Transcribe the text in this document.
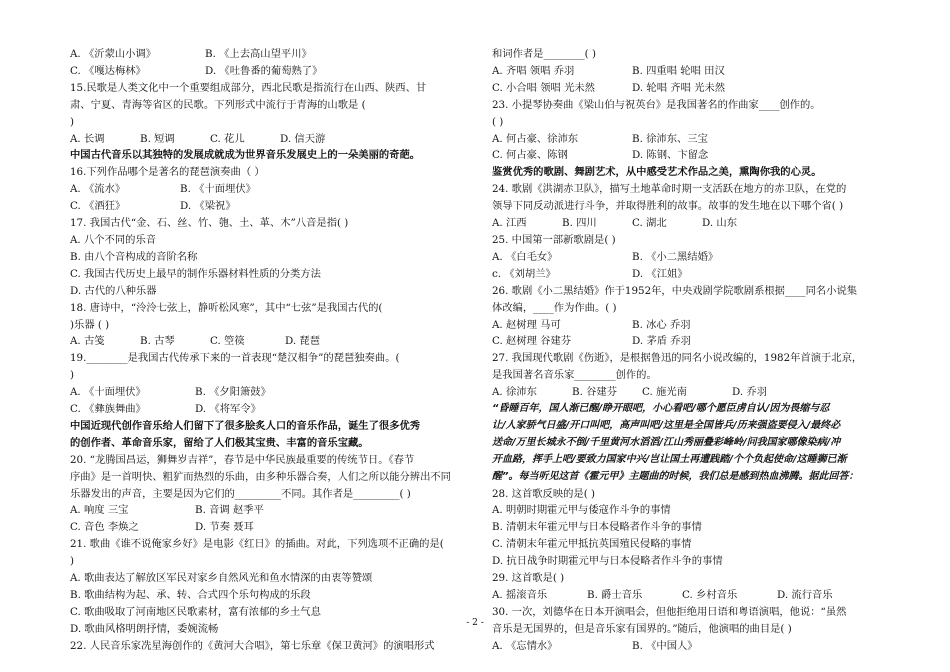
A. 《沂蒙山小调》	B. 《上去高山望平川》
C. 《嘎达梅林》	D. 《吐鲁番的葡萄熟了》
15.民歌是人类文化中一个重要组成部分，西北民歌是指流行在山西、陕西、甘
肃、宁夏、青海等省区的民歌。下列形式中流行于青海的山歌是 (
)
A. 长调	B. 短调	C. 花儿	D. 信天游
中国古代音乐以其独特的发展成就成为世界音乐发展史上的一朵美丽的奇葩。
16.下列作品哪个是著名的琵琶演奏曲（ ）
A. 《流水》	B. 《十面埋伏》
C. 《酒狂》	D. 《梁祝》
17. 我国古代“金、石、丝、竹、匏、土、革、木”八音是指( )
A. 八个不同的乐音
B. 由八个音构成的音阶名称
C. 我国古代历史上最早的制作乐器材料性质的分类方法
D. 古代的八种乐器
18. 唐诗中，“泠泠七弦上，静听松风寒”，其中“七弦”是我国古代的(
)乐器 ( )
A. 古笺	B. 古琴	C. 箜篌	D. 琵琶
19.________是我国古代传承下来的一首表现“楚汉相争”的琵琶独奏曲。(
)
A. 《十面埋伏》	B. 《夕阳箫鼓》
C. 《彝族舞曲》	D. 《将军令》
中国近现代创作音乐给人们留下了很多脍炙人口的音乐作品，诞生了很多优秀
的创作者、革命音乐家，留给了人们极其宝贵、丰富的音乐宝藏。
20. “龙腾国昌运，狮舞岁吉祥”，春节是中华民族最重要的传统节日。《春节
序曲》是一首明快、粗犷而热烈的乐曲，由多种乐器合奏，人们之所以能分辨出不同
乐器发出的声音，主要是因为它们的_________不同。其作者是_________( )
A. 响度 三宝	B. 音调 赵季平
C. 音色 李焕之	D. 节奏 聂耳
21. 歌曲《谁不说俺家乡好》是电影《红日》的插曲。对此，下列选项不正确的是(
)
A. 歌曲表达了解放区军民对家乡自然风光和鱼水情深的由衷等赞颂
B. 歌曲结构为起、承、转、合式四个乐句构成的乐段
C. 歌曲吸取了河南地区民歌素材，富有浓郁的乡土气息
D. 歌曲风格明朗抒情，委婉流畅
22. 人民音乐家冼星海创作的《黄河大合唱》，第七乐章《保卫黄河》的演唱形式
和词作者是________( )
A. 齐唱 领唱 乔羽	B. 四重唱 轮唱 田汉
C. 小合唱 领唱 光未然	D. 轮唱 齐唱 光未然
23. 小提琴协奏曲《梁山伯与祝英台》是我国著名的作曲家____创作的。
( )
A. 何占豪、徐沛东	B. 徐沛东、三宝
C. 何占豪、陈钢	D. 陈钢、卞留念
鉴赏优秀的歌剧、舞剧艺术，从中感受艺术作品之美，熏陶你我的心灵。
24. 歌剧《洪湖赤卫队》，描写土地革命时期一支活跃在地方的赤卫队，在党的
领导下同反动派进行斗争，并取得胜利的故事。故事的发生地在以下哪个省( )
A. 江西	B. 四川	C. 湖北	D. 山东
25. 中国第一部新歌剧是( )
A. 《白毛女》	B. 《小二黑结婚》
c. 《刘胡兰》	D. 《江姐》
26. 歌剧《小二黑结婚》作于1952年，中央戏剧学院歌剧系根据____同名小说集
体改编，____作为作曲。( )
A. 赵树理 马可	B. 冰心 乔羽
C. 赵树理 谷建芬	D. 茅盾 乔羽
27. 我国现代歌剧《伤逝》，是根据鲁迅的同名小说改编的，1982年首演于北京，
是我国著名音乐家________创作的。
A. 徐沛东	B. 谷建芬	C. 施光南	D. 乔羽
“昏睡百年，国人渐已醒/睁开眼吧，小心看吧/哪个愿臣虏自认/因为畏缩与忍
让/人家骄气日盛/开口叫吧，高声叫吧/这里是全国皆兵/历来强盗要侵入/最终必
送命/万里长城永不倒/千里黄河水滔滔/江山秀丽叠彩峰岭/问我国家哪像染病/冲
开血路，挥手上吧/要致力国家中兴/岂让国土再遭践踏/个个负起使命/这睡狮已渐
醒”。每当听见这首《霍元甲》主题曲的时候，我们总是感到热血沸腾。据此回答：
28. 这首歌反映的是( )
A. 明朝时期霍元甲与倭寇作斗争的事情
B. 清朝末年霍元甲与日本侵略者作斗争的事情
C. 清朝末年霍元甲抵抗英国殖民侵略的事情
D. 抗日战争时期霍元甲与日本侵略者作斗争的事情
29. 这首歌是( )
A. 摇滚音乐	B. 爵士音乐	C. 乡村音乐	D. 流行音乐
30. 一次，刘德华在日本开演唱会，但他拒绝用日语和粤语演唱，他说：“虽然
音乐是无国界的，但是音乐家有国界的。”随后，他演唱的曲目是( )
A. 《忘情水》	B. 《中国人》
- 2 -
